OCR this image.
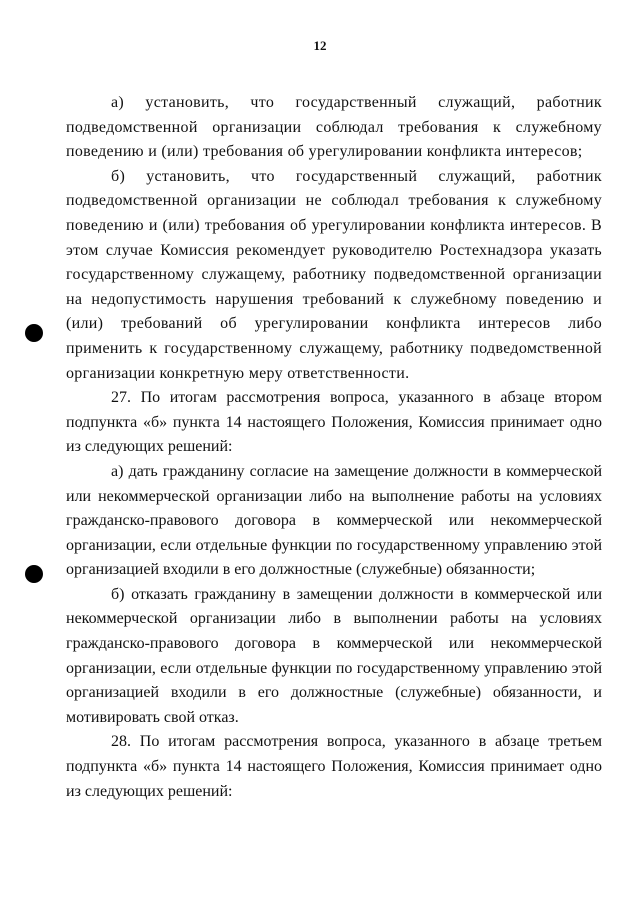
12

а) установить, что государственный служащий, работник подведомственной организации соблюдал требования к служебному поведению и (или) требования об урегулировании конфликта интересов;

б) установить, что государственный служащий, работник подведомственной организации не соблюдал требования к служебному поведению и (или) требования об урегулировании конфликта интересов. В этом случае Комиссия рекомендует руководителю Ростехнадзора указать государственному служащему, работнику подведомственной организации на недопустимость нарушения требований к служебному поведению и (или) требований об урегулировании конфликта интересов либо применить к государственному служащему, работнику подведомственной организации конкретную меру ответственности.

27. По итогам рассмотрения вопроса, указанного в абзаце втором подпункта «б» пункта 14 настоящего Положения, Комиссия принимает одно из следующих решений:

а) дать гражданину согласие на замещение должности в коммерческой или некоммерческой организации либо на выполнение работы на условиях гражданско-правового договора в коммерческой или некоммерческой организации, если отдельные функции по государственному управлению этой организацией входили в его должностные (служебные) обязанности;

б) отказать гражданину в замещении должности в коммерческой или некоммерческой организации либо в выполнении работы на условиях гражданско-правового договора в коммерческой или некоммерческой организации, если отдельные функции по государственному управлению этой организацией входили в его должностные (служебные) обязанности, и мотивировать свой отказ.

28. По итогам рассмотрения вопроса, указанного в абзаце третьем подпункта «б» пункта 14 настоящего Положения, Комиссия принимает одно из следующих решений:
